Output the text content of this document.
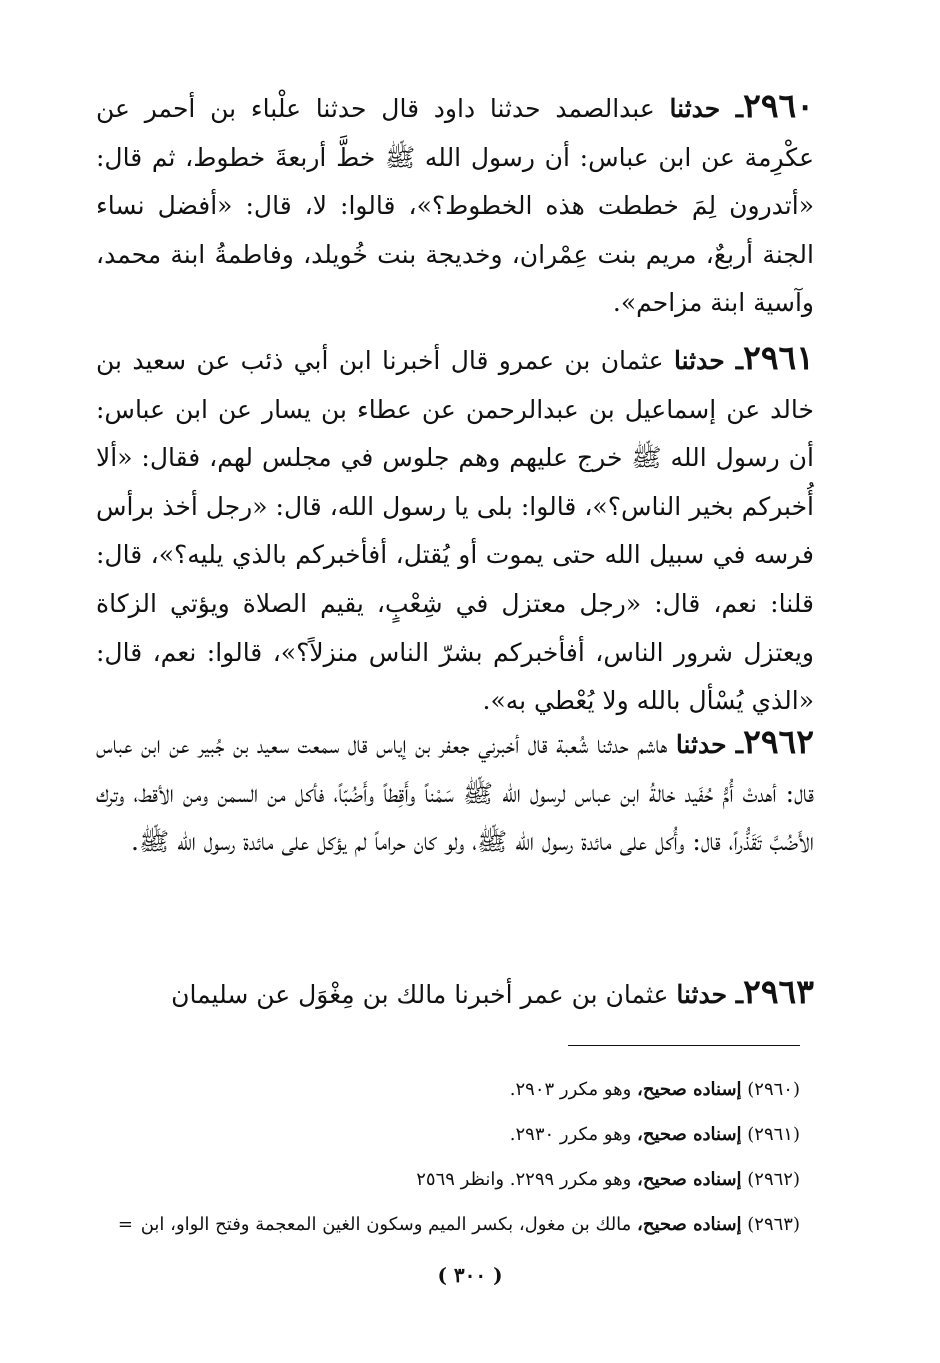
٢٩٦٠ـ حدثنا عبدالصمد حدثنا داود قال حدثنا علْباء بن أحمر عن عكْرِمة عن ابن عباس: أن رسول الله ﷺ خطَّ أربعةَ خطوط، ثم قال: «أتدرون لِمَ خططت هذه الخطوط؟»، قالوا: لا، قال: «أفضل نساء الجنة أربعٌ، مريم بنت عِمْران، وخديجة بنت خُويلد، وفاطمةُ ابنة محمد، وآسية ابنة مزاحم».

٢٩٦١ـ حدثنا عثمان بن عمرو قال أخبرنا ابن أبي ذئب عن سعيد بن خالد عن إسماعيل بن عبدالرحمن عن عطاء بن يسار عن ابن عباس: أن رسول الله ﷺ خرج عليهم وهم جلوس في مجلس لهم، فقال: «ألا أُخبركم بخير الناس؟»، قالوا: بلى يا رسول الله، قال: «رجل أخذ برأس فرسه في سبيل الله حتى يموت أو يُقتل، أفأخبركم بالذي يليه؟»، قال: قلنا: نعم، قال: «رجل معتزل في شِعْبٍ، يقيم الصلاة ويؤتي الزكاة ويعتزل شرور الناس، أفأخبركم بشرّ الناس منزلاً؟»، قالوا: نعم، قال: «الذي يُسْأل بالله ولا يُعْطي به».

٢٩٦٢ـ حدثنا هاشم حدثنا شُعبة قال أخبرني جعفر بن إياس قال سمعت سعيد بن جُبير عن ابن عباس قال: أهدتْ أُمُّ حُفَيد خالةُ ابن عباس لرسول الله ﷺ سَمْناً وأَقِطاً وأَضُبّاً، فأكل من السمن ومن الأقط، وترك الأَضُبَّ تَقَذُّراً، قال: وأُكل على مائدة رسول الله ﷺ، ولو كان حراماً لم يؤكل على مائدة رسول الله ﷺ.

٢٩٦٣ـ حدثنا عثمان بن عمر أخبرنا مالك بن مِغْوَل عن سليمان

(٢٩٦٠) إسناده صحيح، وهو مكرر ٢٩٠٣.

(٢٩٦١) إسناده صحيح، وهو مكرر ٢٩٣٠.

(٢٩٦٢) إسناده صحيح، وهو مكرر ٢٢٩٩. وانظر ٢٥٦٩

(٢٩٦٣) إسناده صحيح، مالك بن مغول، بكسر الميم وسكون الغين المعجمة وفتح الواو، ابن =

( ٣٠٠ )
